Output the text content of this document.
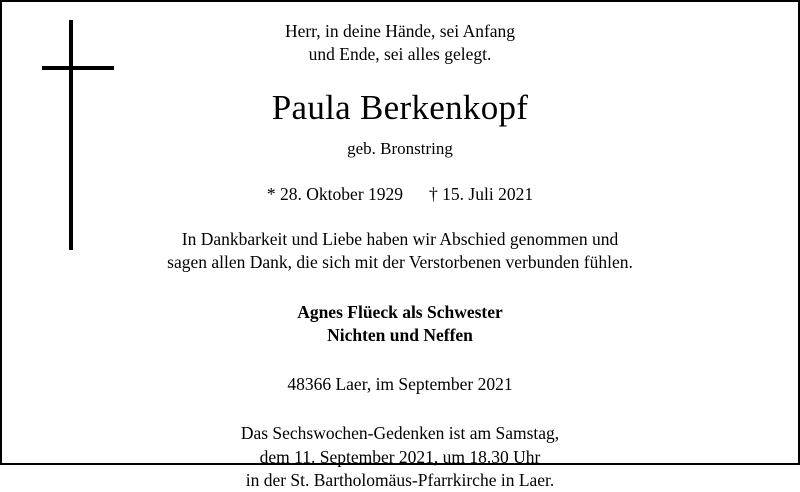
Herr, in deine Hände, sei Anfang
und Ende, sei alles gelegt.
Paula Berkenkopf
geb. Bronstring
* 28. Oktober 1929 † 15. Juli 2021
In Dankbarkeit und Liebe haben wir Abschied genommen und
sagen allen Dank, die sich mit der Verstorbenen verbunden fühlen.
Agnes Flüeck als Schwester
Nichten und Neffen
48366 Laer, im September 2021
Das Sechswochen-Gedenken ist am Samstag,
dem 11. September 2021, um 18.30 Uhr
in der St. Bartholomäus-Pfarrkirche in Laer.
